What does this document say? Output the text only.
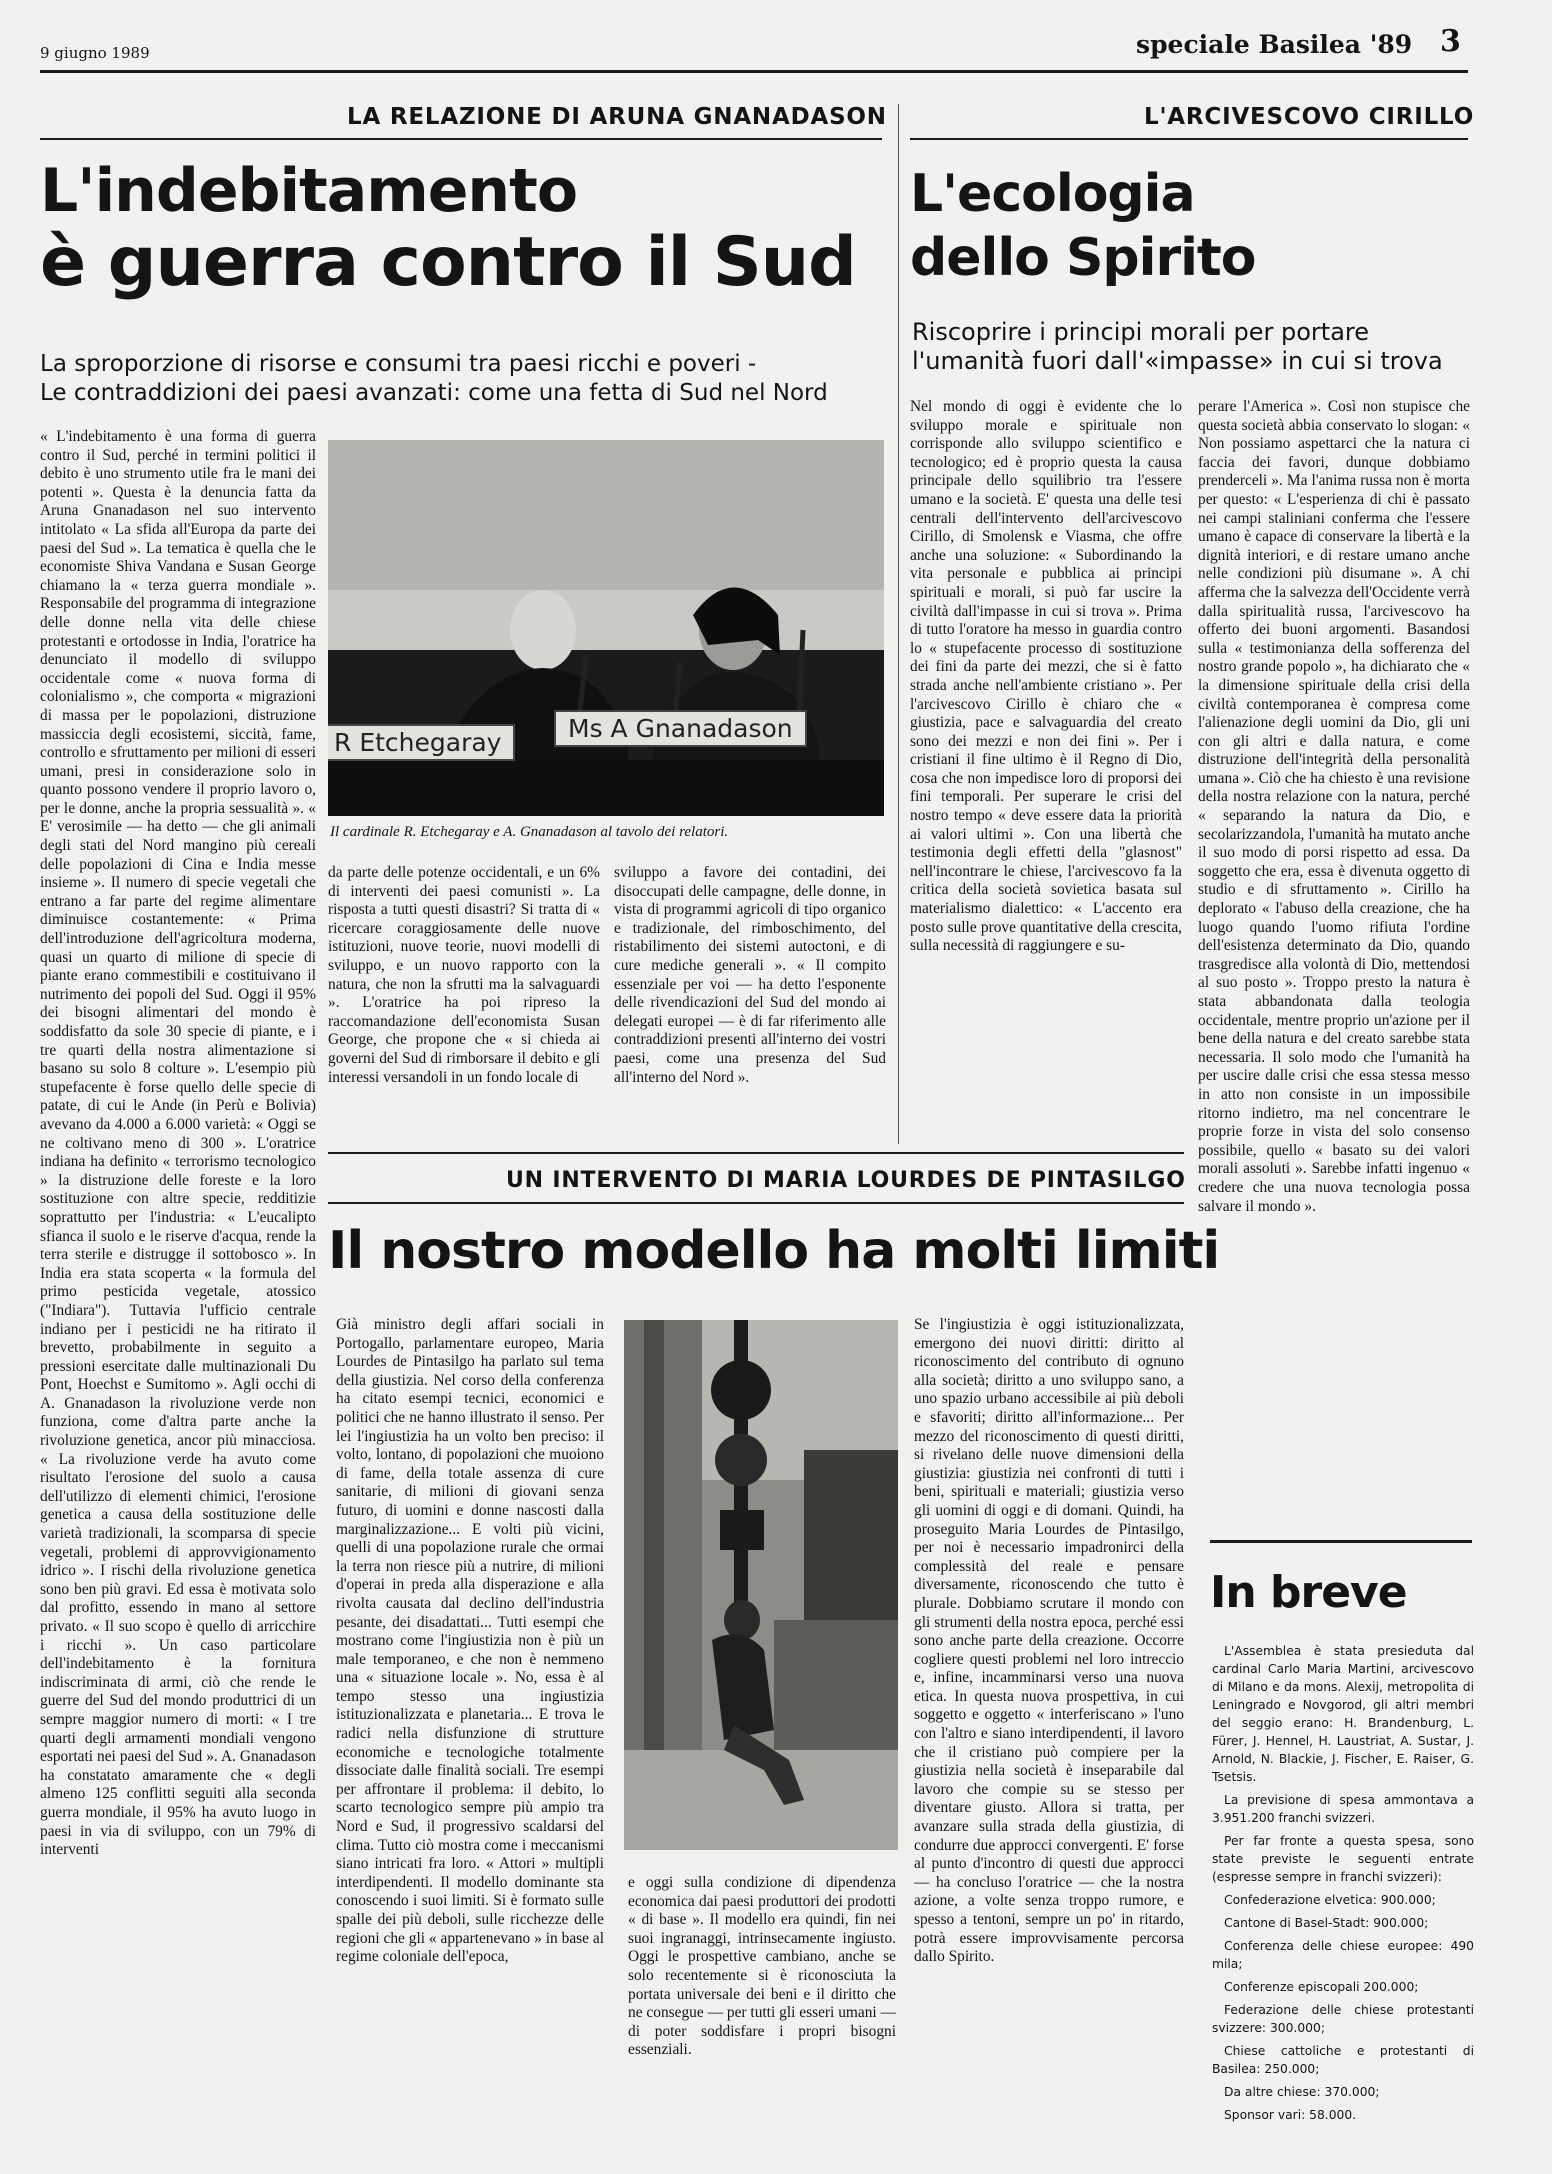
9 giugno 1989	speciale Basilea '89 3
LA RELAZIONE DI ARUNA GNANADASON
L'indebitamento
è guerra contro il Sud
La sproporzione di risorse e consumi tra paesi ricchi e poveri -
Le contraddizioni dei paesi avanzati: come una fetta di Sud nel Nord
R Etchegaray	Ms A Gnanadason
Il cardinale R. Etchegaray e A. Gnanadason al tavolo dei relatori.
« L'indebitamento è una forma di guerra contro il Sud, perché in termini politici il debito è uno strumento utile fra le mani dei potenti ». Questa è la denuncia fatta da Aruna Gnanadason nel suo intervento intitolato « La sfida all'Europa da parte dei paesi del Sud ». La tematica è quella che le economiste Shiva Vandana e Susan George chiamano la « terza guerra mondiale ». Responsabile del programma di integrazione delle donne nella vita delle chiese protestanti e ortodosse in India, l'oratrice ha denunciato il modello di sviluppo occidentale come « nuova forma di colonialismo », che comporta « migrazioni di massa per le popolazioni, distruzione massiccia degli ecosistemi, siccità, fame, controllo e sfruttamento per milioni di esseri umani, presi in considerazione solo in quanto possono vendere il proprio lavoro o, per le donne, anche la propria sessualità ». « E' verosimile — ha detto — che gli animali degli stati del Nord mangino più cereali delle popolazioni di Cina e India messe insieme ». Il numero di specie vegetali che entrano a far parte del regime alimentare diminuisce costantemente: « Prima dell'introduzione dell'agricoltura moderna, quasi un quarto di milione di specie di piante erano commestibili e costituivano il nutrimento dei popoli del Sud. Oggi il 95% dei bisogni alimentari del mondo è soddisfatto da sole 30 specie di piante, e i tre quarti della nostra alimentazione si basano su solo 8 colture ». L'esempio più stupefacente è forse quello delle specie di patate, di cui le Ande (in Perù e Bolivia) avevano da 4.000 a 6.000 varietà: « Oggi se ne coltivano meno di 300 ». L'oratrice indiana ha definito « terrorismo tecnologico » la distruzione delle foreste e la loro sostituzione con altre specie, redditizie soprattutto per l'industria: « L'eucalipto sfianca il suolo e le riserve d'acqua, rende la terra sterile e distrugge il sottobosco ». In India era stata scoperta « la formula del primo pesticida vegetale, atossico ("Indiara"). Tuttavia l'ufficio centrale indiano per i pesticidi ne ha ritirato il brevetto, probabilmente in seguito a pressioni esercitate dalle multinazionali Du Pont, Hoechst e Sumitomo ». Agli occhi di A. Gnanadason la rivoluzione verde non funziona, come d'altra parte anche la rivoluzione genetica, ancor più minacciosa. « La rivoluzione verde ha avuto come risultato l'erosione del suolo a causa dell'utilizzo di elementi chimici, l'erosione genetica a causa della sostituzione delle varietà tradizionali, la scomparsa di specie vegetali, problemi di approvvigionamento idrico ». I rischi della rivoluzione genetica sono ben più gravi. Ed essa è motivata solo dal profitto, essendo in mano al settore privato. « Il suo scopo è quello di arricchire i ricchi ». Un caso particolare dell'indebitamento è la fornitura indiscriminata di armi, ciò che rende le guerre del Sud del mondo produttrici di un sempre maggior numero di morti: « I tre quarti degli armamenti mondiali vengono esportati nei paesi del Sud ». A. Gnanadason ha constatato amaramente che « degli almeno 125 conflitti seguiti alla seconda guerra mondiale, il 95% ha avuto luogo in paesi in via di sviluppo, con un 79% di interventi
da parte delle potenze occidentali, e un 6% di interventi dei paesi comunisti ». La risposta a tutti questi disastri? Si tratta di « ricercare coraggiosamente delle nuove istituzioni, nuove teorie, nuovi modelli di sviluppo, e un nuovo rapporto con la natura, che non la sfrutti ma la salvaguardi ». L'oratrice ha poi ripreso la raccomandazione dell'economista Susan George, che propone che « si chieda ai governi del Sud di rimborsare il debito e gli interessi versandoli in un fondo locale di
sviluppo a favore dei contadini, dei disoccupati delle campagne, delle donne, in vista di programmi agricoli di tipo organico e tradizionale, del rimboschimento, del ristabilimento dei sistemi autoctoni, e di cure mediche generali ». « Il compito essenziale per voi — ha detto l'esponente delle rivendicazioni del Sud del mondo ai delegati europei — è di far riferimento alle contraddizioni presenti all'interno dei vostri paesi, come una presenza del Sud all'interno del Nord ».
L'ARCIVESCOVO CIRILLO
L'ecologia
dello Spirito
Riscoprire i principi morali per portare
l'umanità fuori dall'«impasse» in cui si trova
Nel mondo di oggi è evidente che lo sviluppo morale e spirituale non corrisponde allo sviluppo scientifico e tecnologico; ed è proprio questa la causa principale dello squilibrio tra l'essere umano e la società. E' questa una delle tesi centrali dell'intervento dell'arcivescovo Cirillo, di Smolensk e Viasma, che offre anche una soluzione: « Subordinando la vita personale e pubblica ai principi spirituali e morali, si può far uscire la civiltà dall'impasse in cui si trova ». Prima di tutto l'oratore ha messo in guardia contro lo « stupefacente processo di sostituzione dei fini da parte dei mezzi, che si è fatto strada anche nell'ambiente cristiano ». Per l'arcivescovo Cirillo è chiaro che « giustizia, pace e salvaguardia del creato sono dei mezzi e non dei fini ». Per i cristiani il fine ultimo è il Regno di Dio, cosa che non impedisce loro di proporsi dei fini temporali. Per superare le crisi del nostro tempo « deve essere data la priorità ai valori ultimi ». Con una libertà che testimonia degli effetti della "glasnost" nell'incontrare le chiese, l'arcivescovo fa la critica della società sovietica basata sul materialismo dialettico: « L'accento era posto sulle prove quantitative della crescita, sulla necessità di raggiungere e su-
perare l'America ». Così non stupisce che questa società abbia conservato lo slogan: « Non possiamo aspettarci che la natura ci faccia dei favori, dunque dobbiamo prenderceli ». Ma l'anima russa non è morta per questo: « L'esperienza di chi è passato nei campi staliniani conferma che l'essere umano è capace di conservare la libertà e la dignità interiori, e di restare umano anche nelle condizioni più disumane ». A chi afferma che la salvezza dell'Occidente verrà dalla spiritualità russa, l'arcivescovo ha offerto dei buoni argomenti. Basandosi sulla « testimonianza della sofferenza del nostro grande popolo », ha dichiarato che « la dimensione spirituale della crisi della civiltà contemporanea è compresa come l'alienazione degli uomini da Dio, gli uni con gli altri e dalla natura, e come distruzione dell'integrità della personalità umana ». Ciò che ha chiesto è una revisione della nostra relazione con la natura, perché « separando la natura da Dio, e secolarizzandola, l'umanità ha mutato anche il suo modo di porsi rispetto ad essa. Da soggetto che era, essa è divenuta oggetto di studio e di sfruttamento ». Cirillo ha deplorato « l'abuso della creazione, che ha luogo quando l'uomo rifiuta l'ordine dell'esistenza determinato da Dio, quando trasgredisce alla volontà di Dio, mettendosi al suo posto ». Troppo presto la natura è stata abbandonata dalla teologia occidentale, mentre proprio un'azione per il bene della natura e del creato sarebbe stata necessaria. Il solo modo che l'umanità ha per uscire dalle crisi che essa stessa messo in atto non consiste in un impossibile ritorno indietro, ma nel concentrare le proprie forze in vista del solo consenso possibile, quello « basato su dei valori morali assoluti ». Sarebbe infatti ingenuo « credere che una nuova tecnologia possa salvare il mondo ».
UN INTERVENTO DI MARIA LOURDES DE PINTASILGO
Il nostro modello ha molti limiti
Già ministro degli affari sociali in Portogallo, parlamentare europeo, Maria Lourdes de Pintasilgo ha parlato sul tema della giustizia. Nel corso della conferenza ha citato esempi tecnici, economici e politici che ne hanno illustrato il senso. Per lei l'ingiustizia ha un volto ben preciso: il volto, lontano, di popolazioni che muoiono di fame, della totale assenza di cure sanitarie, di milioni di giovani senza futuro, di uomini e donne nascosti dalla marginalizzazione... E volti più vicini, quelli di una popolazione rurale che ormai la terra non riesce più a nutrire, di milioni d'operai in preda alla disperazione e alla rivolta causata dal declino dell'industria pesante, dei disadattati... Tutti esempi che mostrano come l'ingiustizia non è più un male temporaneo, e che non è nemmeno una « situazione locale ». No, essa è al tempo stesso una ingiustizia istituzionalizzata e planetaria... E trova le radici nella disfunzione di strutture economiche e tecnologiche totalmente dissociate dalle finalità sociali. Tre esempi per affrontare il problema: il debito, lo scarto tecnologico sempre più ampio tra Nord e Sud, il progressivo scaldarsi del clima. Tutto ciò mostra come i meccanismi siano intricati fra loro. « Attori » multipli interdipendenti. Il modello dominante sta conoscendo i suoi limiti. Si è formato sulle spalle dei più deboli, sulle ricchezze delle regioni che gli « appartenevano » in base al regime coloniale dell'epoca,
e oggi sulla condizione di dipendenza economica dai paesi produttori dei prodotti « di base ». Il modello era quindi, fin nei suoi ingranaggi, intrinsecamente ingiusto. Oggi le prospettive cambiano, anche se solo recentemente si è riconosciuta la portata universale dei beni e il diritto che ne consegue — per tutti gli esseri umani — di poter soddisfare i propri bisogni essenziali.
Se l'ingiustizia è oggi istituzionalizzata, emergono dei nuovi diritti: diritto al riconoscimento del contributo di ognuno alla società; diritto a uno sviluppo sano, a uno spazio urbano accessibile ai più deboli e sfavoriti; diritto all'informazione... Per mezzo del riconoscimento di questi diritti, si rivelano delle nuove dimensioni della giustizia: giustizia nei confronti di tutti i beni, spirituali e materiali; giustizia verso gli uomini di oggi e di domani. Quindi, ha proseguito Maria Lourdes de Pintasilgo, per noi è necessario impadronirci della complessità del reale e pensare diversamente, riconoscendo che tutto è plurale. Dobbiamo scrutare il mondo con gli strumenti della nostra epoca, perché essi sono anche parte della creazione. Occorre cogliere questi problemi nel loro intreccio e, infine, incamminarsi verso una nuova etica. In questa nuova prospettiva, in cui soggetto e oggetto « interferiscano » l'uno con l'altro e siano interdipendenti, il lavoro che il cristiano può compiere per la giustizia nella società è inseparabile dal lavoro che compie su se stesso per diventare giusto. Allora si tratta, per avanzare sulla strada della giustizia, di condurre due approcci convergenti. E' forse al punto d'incontro di questi due approcci — ha concluso l'oratrice — che la nostra azione, a volte senza troppo rumore, e spesso a tentoni, sempre un po' in ritardo, potrà essere improvvisamente percorsa dallo Spirito.
In breve

L'Assemblea è stata presieduta dal cardinal Carlo Maria Martini, arcivescovo di Milano e da mons. Alexij, metropolita di Leningrado e Novgorod, gli altri membri del seggio erano: H. Brandenburg, L. Fürer, J. Hennel, H. Laustriat, A. Sustar, J. Arnold, N. Blackie, J. Fischer, E. Raiser, G. Tsetsis.

La previsione di spesa ammontava a 3.951.200 franchi svizzeri.

Per far fronte a questa spesa, sono state previste le seguenti entrate (espresse sempre in franchi svizzeri):

Confederazione elvetica: 900.000;

Cantone di Basel-Stadt: 900.000;

Conferenza delle chiese europee: 490 mila;

Conferenze episcopali 200.000;

Federazione delle chiese protestanti svizzere: 300.000;

Chiese cattoliche e protestanti di Basilea: 250.000;

Da altre chiese: 370.000;

Sponsor vari: 58.000.
